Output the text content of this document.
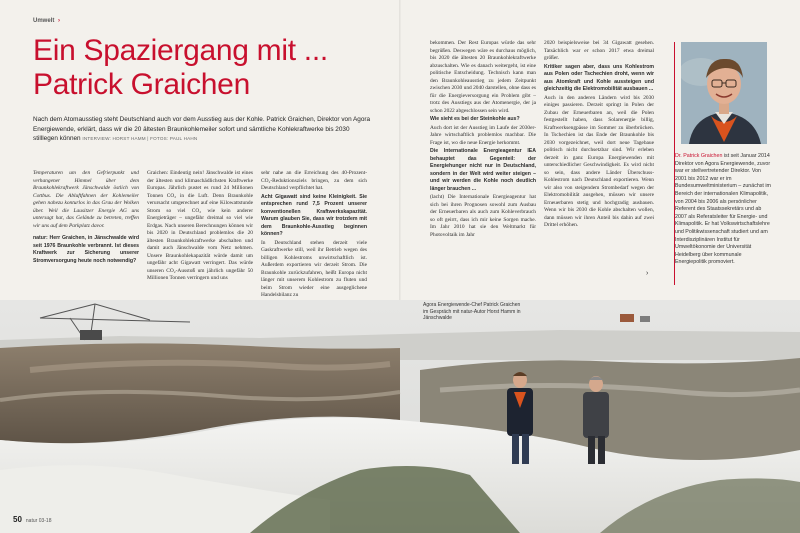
Umwelt ›
Ein Spaziergang mit ...
Patrick Graichen
Nach dem Atomausstieg steht Deutschland auch vor dem Ausstieg aus der Kohle. Patrick Graichen, Direktor von Agora Energiewende, erklärt, dass wir die 20 ältesten Braunkohlemeiler sofort und sämtliche Kohlekraftwerke bis 2030 stilllegen können INTERVIEW: HORST HAMM | FOTOS: PAUL HAHN

Temperaturen um den Gefrierpunkt und verhangener Himmel über dem Braunkohlekraftwerk Jänschwalde östlich von Cottbus. Die Abluftfahnen der Kohlemeiler gehen nahezu konturlos in das Grau der Wolken über. Weil die Lausitzer Energie AG uns untersagt hat, das Gelände zu betreten, treffen wir uns auf dem Parkplatz davor.

natur: Herr Graichen, in Jänschwalde wird seit 1976 Braunkohle verbrannt. Ist dieses Kraftwerk zur Sicherung unserer Stromversorgung heute noch notwendig?

Graichen: Eindeutig nein! Jänschwalde ist eines der ältesten und klimaschädlichsten Kraftwerke Europas. Jährlich pustet es rund 24 Millionen Tonnen CO₂ in die Luft. Denn Braunkohle verursacht umgerechnet auf eine Kilowattstunde Strom so viel CO₂ wie kein anderer Energieträger – ungefähr dreimal so viel wie Erdgas. Nach unseren Berechnungen können wir bis 2020 in Deutschland problemlos die 20 ältesten Braunkohlekraftwerke abschalten und damit auch Jänschwalde vom Netz nehmen. Unsere Braunkohlekapazität würde damit um ungefähr acht Gigawatt verringert. Das würde unseren CO₂-Ausstoß um jährlich ungefähr 50 Millionen Tonnen verringern und uns

sehr nahe an die Erreichung des 40-Prozent-CO₂-Reduktionsziels bringen, zu dem sich Deutschland verpflichtet hat.

Acht Gigawatt sind keine Kleinigkeit. Sie entsprechen rund 7,5 Prozent unserer konventionellen Kraftwerkskapazität. Warum glauben Sie, dass wir trotzdem mit dem Braunkohle-Ausstieg beginnen können?

In Deutschland stehen derzeit viele Gaskraftwerke still, weil ihr Betrieb wegen des billigen Kohlestroms unwirtschaftlich ist. Außerdem exportieren wir derzeit Strom. Die Braunkohle zurückzufahren, heißt Europa nicht länger mit unserem Kohlestrom zu fluten und beim Strom wieder eine ausgeglichene Handelsbilanz zu

bekommen. Der Rest Europas würde das sehr begrüßen. Deswegen wäre es durchaus möglich, bis 2020 die ältesten 20 Braunkohlekraftwerke abzuschalten. Wie es danach weitergeht, ist eine politische Entscheidung. Technisch kann man den Braunkohleausstieg zu jedem Zeitpunkt zwischen 2030 und 2040 darstellen, ohne dass es für die Energieversorgung ein Problem gibt – trotz des Ausstiegs aus der Atomenergie, der ja schon 2022 abgeschlossen sein wird.

Wie sieht es bei der Steinkohle aus?

Auch dort ist der Ausstieg im Laufe der 2030er-Jahre wirtschaftlich problemlos machbar. Die Frage ist, wo die neue Energie herkommt.

Die Internationale Energieagentur IEA behauptet das Gegenteil: der Energiehunger nicht nur in Deutschland, sondern in der Welt wird weiter steigen – und wir werden die Kohle noch deutlich länger brauchen ...

(lacht) Die Internationale Energieagentur hat sich bei ihren Prognosen sowohl zum Ausbau der Erneuerbaren als auch zum Kohleverbrauch so oft geirrt, dass ich mir keine Sorgen mache. Im Jahr 2010 hat sie den Weltmarkt für Photovoltaik im Jahr

2020 beispielsweise bei 34 Gigawatt gesehen. Tatsächlich war er schon 2017 etwa dreimal größer.

Kritiker sagen aber, dass uns Kohlestrom aus Polen oder Tschechien droht, wenn wir aus Atomkraft und Kohle aussteigen und gleichzeitig die Elektromobilität ausbauen ...

Auch in den anderen Ländern wird bis 2030 einiges passieren. Derzeit springt in Polen der Zubau der Erneuerbaren an, weil die Polen festgestellt haben, dass Solarenergie billig, Kraftwerksengpässe im Sommer zu überbrücken. In Tschechien ist das Ende der Braunkohle bis 2030 vorgezeichnet, weil dort neue Tagebaue politisch nicht durchsetzbar sind. Wir erleben derzeit in ganz Europa Energiewenden mit unterschiedlicher Geschwindigkeit. Es wird nicht so sein, dass andere Länder Überschuss-Kohlestrom nach Deutschland exportieren. Wenn wir also von steigendem Strombedarf wegen der Elektromobilität ausgehen, müssen wir unsere Erneuerbaren stetig und hochgradig ausbauen. Wenn wir bis 2030 die Kohle abschalten wollen, dann müssen wir ihren Anteil bis dahin auf zwei Drittel erhöhen.

›
Dr. Patrick Graichen ist seit Januar 2014 Direktor von Agora Energiewende, zuvor war er stellvertretender Direktor. Von 2001 bis 2012 war er im Bundesumweltministerium – zunächst im Bereich der internationalen Klimapolitik, von 2004 bis 2006 als persönlicher Referent des Staatssekretärs und ab 2007 als Referatsleiter für Energie- und Klimapolitik. Er hat Volkswirtschaftslehre und Politikwissenschaft studiert und am Interdisziplinären Institut für Umweltökonomie der Universität Heidelberg über kommunale Energiepolitik promoviert.
Agora Energiewende-Chef Patrick Graichen im Gespräch mit natur-Autor Horst Hamm in Jänschwalde
50 natur 03-18
